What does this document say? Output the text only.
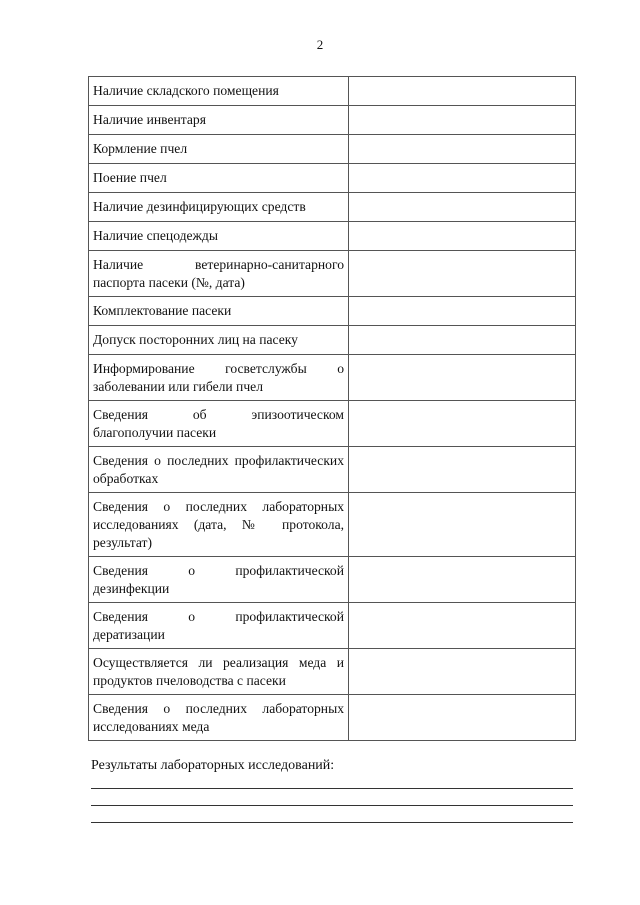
2
Наличие складского помещения	
Наличие инвентаря	
Кормление пчел	
Поение пчел	
Наличие дезинфицирующих средств	
Наличие спецодежды	
Наличие ветеринарно-санитарного паспорта пасеки (№, дата)	
Комплектование пасеки	
Допуск посторонних лиц на пасеку	
Информирование госветслужбы о заболевании или гибели пчел	
Сведения об эпизоотическом благополучии пасеки	
Сведения о последних профилактических обработках	
Сведения о последних лабораторных исследованиях (дата, № протокола, результат)	
Сведения о профилактической дезинфекции	
Сведения о профилактической дератизации	
Осуществляется ли реализация меда и продуктов пчеловодства с пасеки	
Сведения о последних лабораторных исследованиях меда	
Результаты лабораторных исследований:
